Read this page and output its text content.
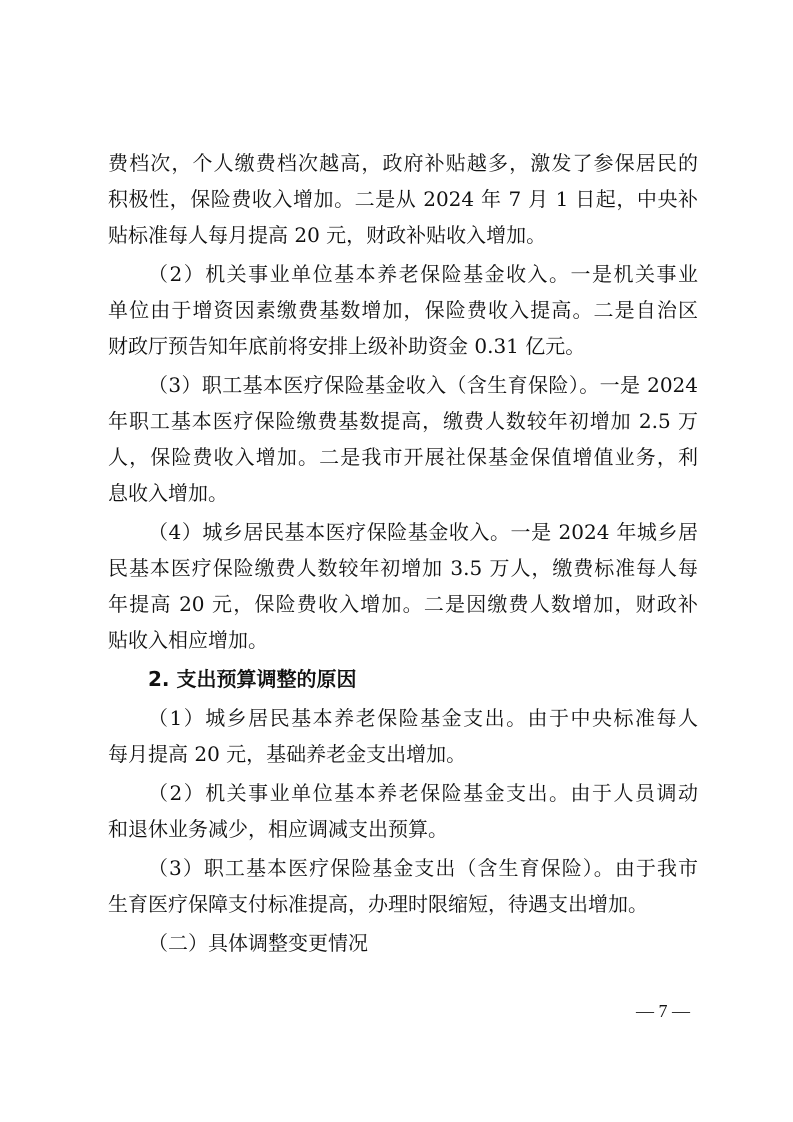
费档次，个人缴费档次越高，政府补贴越多，激发了参保居民的
积极性，保险费收入增加。二是从 2024 年 7 月 1 日起，中央补
贴标准每人每月提高 20 元，财政补贴收入增加。
（2）机关事业单位基本养老保险基金收入。一是机关事业
单位由于增资因素缴费基数增加，保险费收入提高。二是自治区
财政厅预告知年底前将安排上级补助资金 0.31 亿元。
（3）职工基本医疗保险基金收入（含生育保险）。一是 2024
年职工基本医疗保险缴费基数提高，缴费人数较年初增加 2.5 万
人，保险费收入增加。二是我市开展社保基金保值增值业务，利
息收入增加。
（4）城乡居民基本医疗保险基金收入。一是 2024 年城乡居
民基本医疗保险缴费人数较年初增加 3.5 万人，缴费标准每人每
年提高 20 元，保险费收入增加。二是因缴费人数增加，财政补
贴收入相应增加。
2. 支出预算调整的原因
（1）城乡居民基本养老保险基金支出。由于中央标准每人
每月提高 20 元，基础养老金支出增加。
（2）机关事业单位基本养老保险基金支出。由于人员调动
和退休业务减少，相应调减支出预算。
（3）职工基本医疗保险基金支出（含生育保险）。由于我市
生育医疗保障支付标准提高，办理时限缩短，待遇支出增加。
（二）具体调整变更情况
— 7 —
